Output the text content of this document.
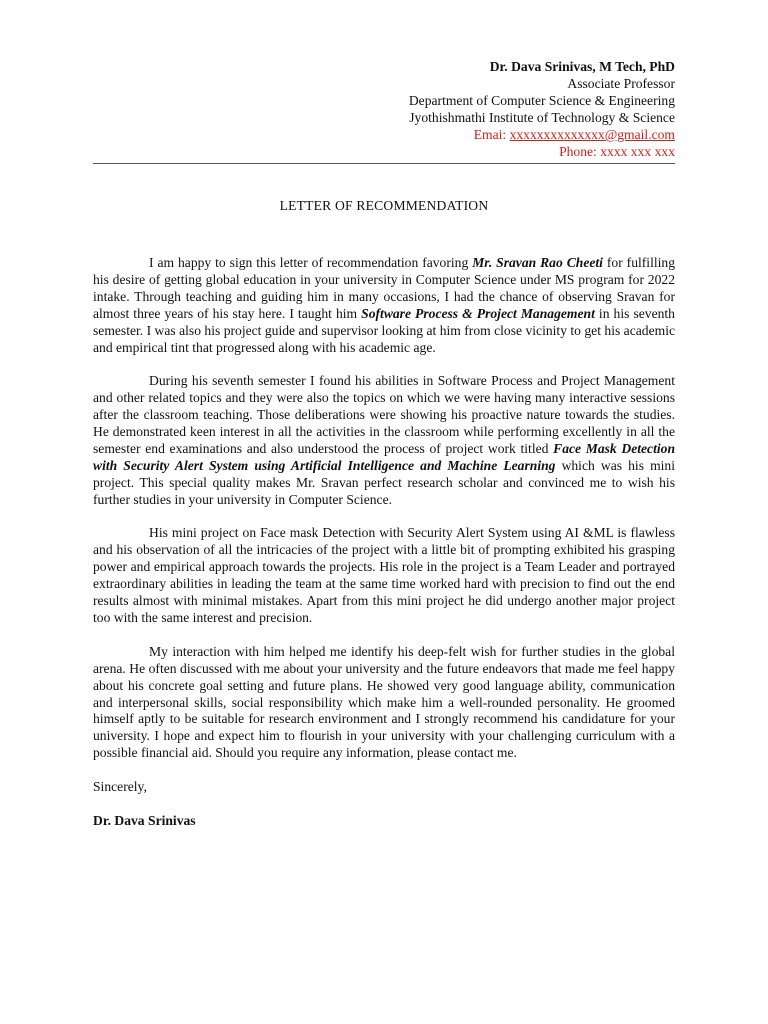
Dr. Dava Srinivas, M Tech, PhD
Associate Professor
Department of Computer Science & Engineering
Jyothishmathi Institute of Technology & Science
Emai: xxxxxxxxxxxxxx@gmail.com
Phone: xxxx xxx xxx
LETTER OF RECOMMENDATION

I am happy to sign this letter of recommendation favoring Mr. Sravan Rao Cheeti for fulfilling his desire of getting global education in your university in Computer Science under MS program for 2022 intake. Through teaching and guiding him in many occasions, I had the chance of observing Sravan for almost three years of his stay here. I taught him Software Process & Project Management in his seventh semester. I was also his project guide and supervisor looking at him from close vicinity to get his academic and empirical tint that progressed along with his academic age.

During his seventh semester I found his abilities in Software Process and Project Management and other related topics and they were also the topics on which we were having many interactive sessions after the classroom teaching. Those deliberations were showing his proactive nature towards the studies. He demonstrated keen interest in all the activities in the classroom while performing excellently in all the semester end examinations and also understood the process of project work titled Face Mask Detection with Security Alert System using Artificial Intelligence and Machine Learning which was his mini project. This special quality makes Mr. Sravan perfect research scholar and convinced me to wish his further studies in your university in Computer Science.

His mini project on Face mask Detection with Security Alert System using AI &ML is flawless and his observation of all the intricacies of the project with a little bit of prompting exhibited his grasping power and empirical approach towards the projects. His role in the project is a Team Leader and portrayed extraordinary abilities in leading the team at the same time worked hard with precision to find out the end results almost with minimal mistakes. Apart from this mini project he did undergo another major project too with the same interest and precision.

My interaction with him helped me identify his deep-felt wish for further studies in the global arena. He often discussed with me about your university and the future endeavors that made me feel happy about his concrete goal setting and future plans. He showed very good language ability, communication and interpersonal skills, social responsibility which make him a well-rounded personality. He groomed himself aptly to be suitable for research environment and I strongly recommend his candidature for your university. I hope and expect him to flourish in your university with your challenging curriculum with a possible financial aid. Should you require any information, please contact me.

Sincerely,

Dr. Dava Srinivas
